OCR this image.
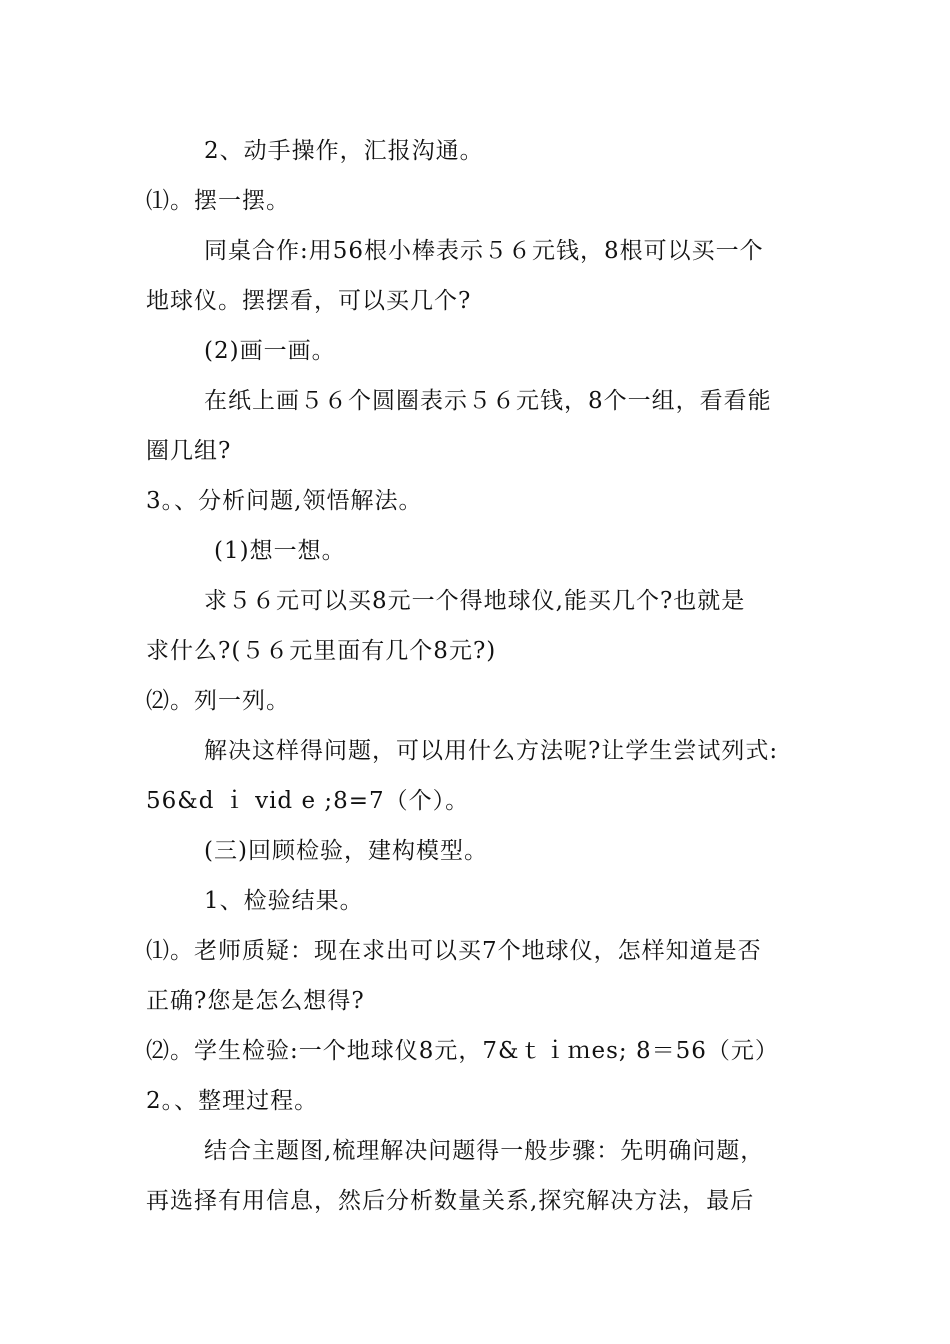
2、动手操作，汇报沟通。
⑴。摆一摆。
同桌合作:用56根小棒表示５６元钱，8根可以买一个
地球仪。摆摆看，可以买几个?
(2)画一画。
在纸上画５６个圆圈表示５６元钱，8个一组，看看能
圈几组?
3。、分析问题,领悟解法。
(1)想一想。
求５６元可以买8元一个得地球仪,能买几个?也就是
求什么?(５６元里面有几个8元?)
⑵。列一列。
解决这样得问题，可以用什么方法呢?让学生尝试列式:
56&d ｉ vid e ;8=7（个）。
(三)回顾检验，建构模型。
1、检验结果。
⑴。老师质疑：现在求出可以买7个地球仪，怎样知道是否
正确?您是怎么想得?
⑵。学生检验:一个地球仪8元，7&ｔｉｍes; 8＝56（元）
2。、整理过程。
结合主题图,梳理解决问题得一般步骤：先明确问题，
再选择有用信息，然后分析数量关系,探究解决方法，最后
